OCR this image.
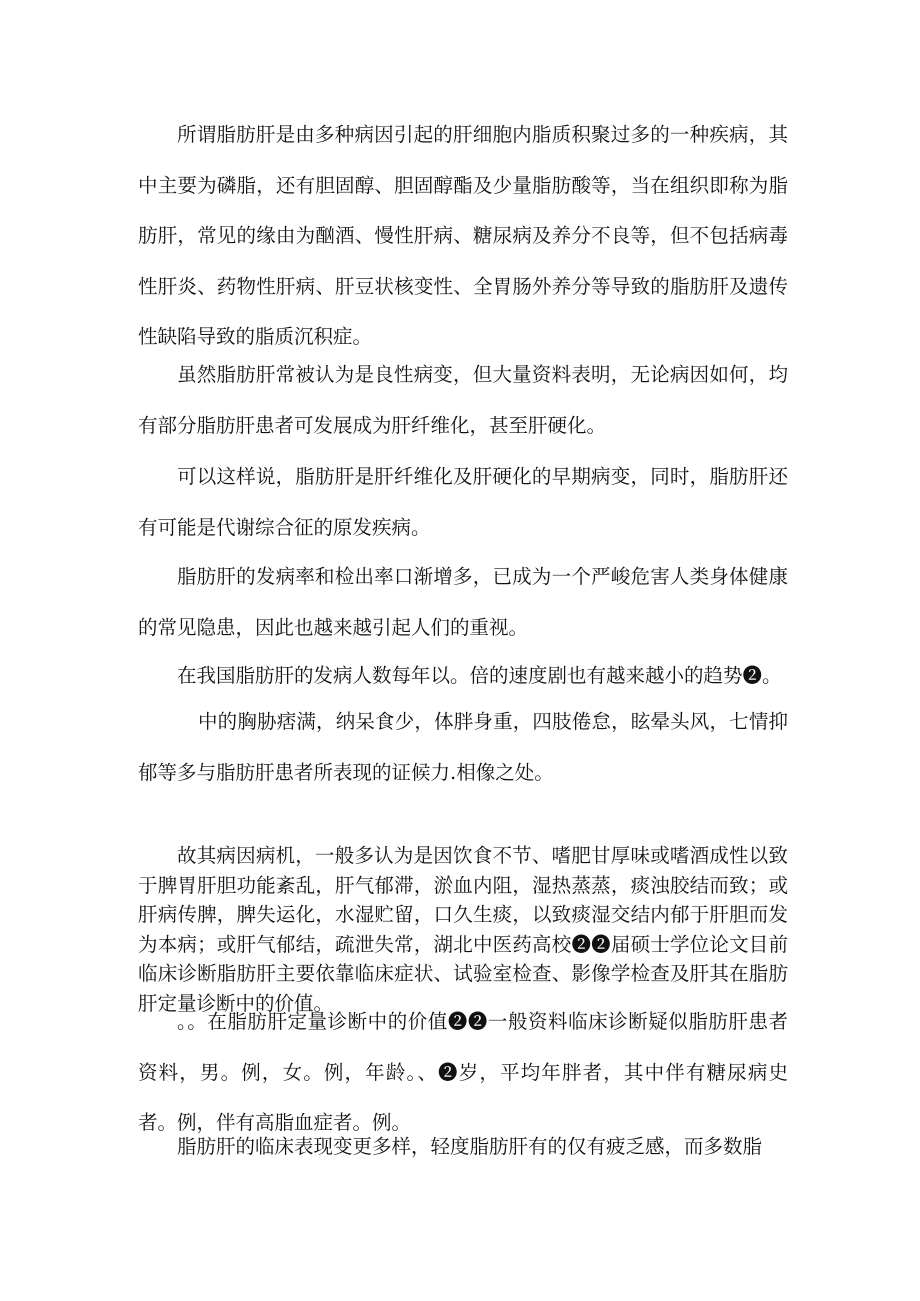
所谓脂肪肝是由多种病因引起的肝细胞内脂质积聚过多的一种疾病，其中主要为磷脂，还有胆固醇、胆固醇酯及少量脂肪酸等，当在组织即称为脂肪肝，常见的缘由为酗酒、慢性肝病、糖尿病及养分不良等，但不包括病毒性肝炎、药物性肝病、肝豆状核变性、全胃肠外养分等导致的脂肪肝及遗传性缺陷导致的脂质沉积症。

虽然脂肪肝常被认为是良性病变，但大量资料表明，无论病因如何，均有部分脂肪肝患者可发展成为肝纤维化，甚至肝硬化。

可以这样说，脂肪肝是肝纤维化及肝硬化的早期病变，同时，脂肪肝还有可能是代谢综合征的原发疾病。

脂肪肝的发病率和检出率口渐增多，已成为一个严峻危害人类身体健康的常见隐患，因此也越来越引起人们的重视。

在我国脂肪肝的发病人数每年以。倍的速度剧也有越来越小的趋势❷。

中的胸胁痞满，纳呆食少，体胖身重，四肢倦怠，眩晕头风，七情抑郁等多与脂肪肝患者所表现的证候力.相像之处。

故其病因病机，一般多认为是因饮食不节、嗜肥甘厚味或嗜酒成性以致于脾胃肝胆功能紊乱，肝气郁滞，淤血内阻，湿热蒸蒸，痰浊胶结而致；或肝病传脾，脾失运化，水湿贮留，口久生痰，以致痰湿交结内郁于肝胆而发为本病；或肝气郁结，疏泄失常，湖北中医药高校❷❷届硕士学位论文目前临床诊断脂肪肝主要依靠临床症状、试验室检查、影像学检查及肝其在脂肪肝定量诊断中的价值。

。。在脂肪肝定量诊断中的价值❷❷一般资料临床诊断疑似脂肪肝患者资料，男。例，女。例，年龄。、❷岁，平均年胖者，其中伴有糖尿病史者。例，伴有高脂血症者。例。

脂肪肝的临床表现变更多样，轻度脂肪肝有的仅有疲乏感，而多数脂
